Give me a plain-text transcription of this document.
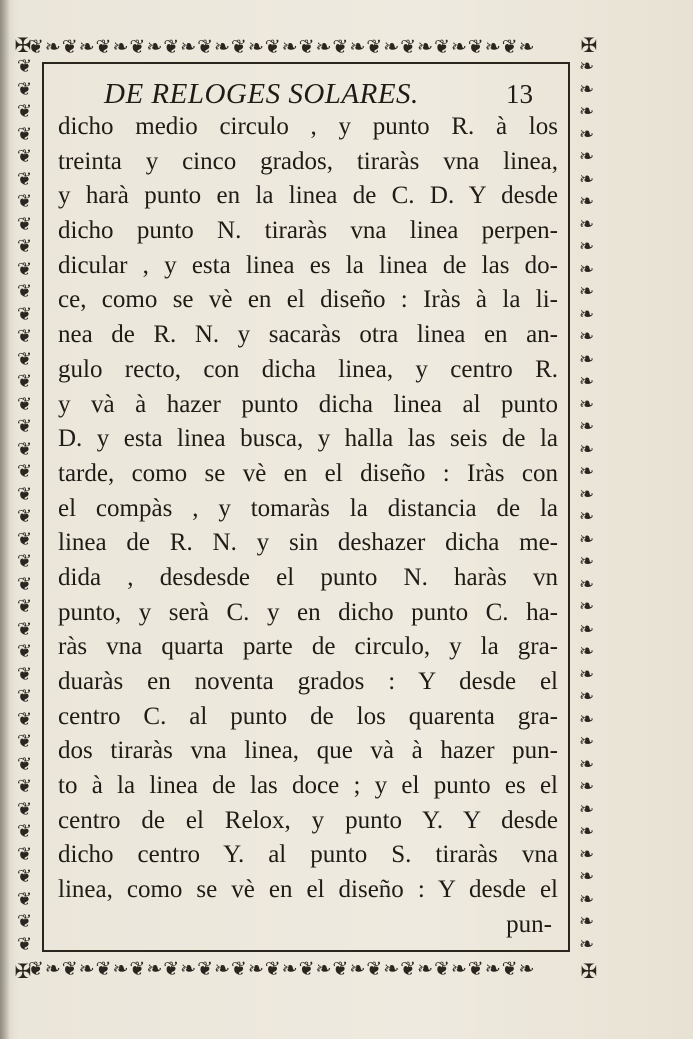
❦❧❦❧❦❧❦❧❦❧❦❧❦❧❦❧❦❧❦❧❦❧❦❧❦❧❦❧❦❧
❦❧❦❧❦❧❦❧❦❧❦❧❦❧❦❧❦❧❦❧❦❧❦❧❦❧❦❧❦❧
❦❦❦❦❦❦❦❦❦❦❦❦❦❦❦❦❦❦❦❦❦❦❦❦❦❦❦❦❦❦❦❦❦❦❦❦❦❦❦❦
❧❧❧❧❧❧❧❧❧❧❧❧❧❧❧❧❧❧❧❧❧❧❧❧❧❧❧❧❧❧❧❧❧❧❧❧❧❧❧❧
✠	✠
✠	✠
DE RELOGES SOLARES.	13
dicho medio circulo , y punto R. à los
treinta y cinco grados, tiraràs vna linea,
y harà punto en la linea de C. D. Y desde
dicho punto N. tiraràs vna linea perpen-
dicular , y esta linea es la linea de las do-
ce, como se vè en el diseño : Iràs à la li-
nea de R. N. y sacaràs otra linea en an-
gulo recto, con dicha linea, y centro R.
y và à hazer punto dicha linea al punto
D. y esta linea busca, y halla las seis de la
tarde, como se vè en el diseño : Iràs con
el compàs , y tomaràs la distancia de la
linea de R. N. y sin deshazer dicha me-
dida , desdesde el punto N. haràs vn
punto, y serà C. y en dicho punto C. ha-
ràs vna quarta parte de circulo, y la gra-
duaràs en noventa grados : Y desde el
centro C. al punto de los quarenta gra-
dos tiraràs vna linea, que và à hazer pun-
to à la linea de las doce ; y el punto es el
centro de el Relox, y punto Y. Y desde
dicho centro Y. al punto S. tiraràs vna
linea, como se vè en el diseño : Y desde el
pun-
